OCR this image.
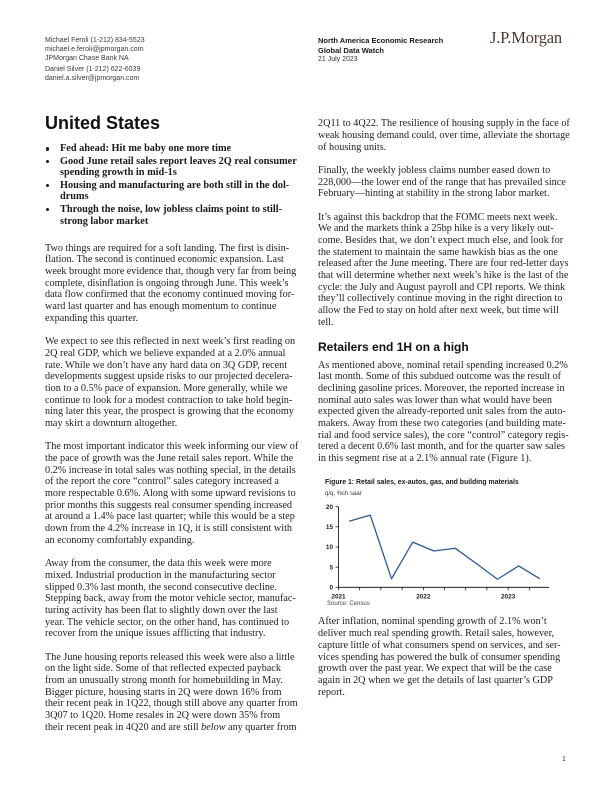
Michael Feroli (1-212) 834-5523
michael.e.feroli@jpmorgan.com
JPMorgan Chase Bank NA
Daniel Silver (1-212) 622-6039
daniel.a.silver@jpmorgan.com
North America Economic Research
Global Data Watch
21 July 2023
J.P.Morgan
United States
Fed ahead: Hit me baby one more time
Good June retail sales report leaves 2Q real consumer
spending growth in mid-1s
Housing and manufacturing are both still in the dol-
drums
Through the noise, low jobless claims point to still-
strong labor market

Two things are required for a soft landing. The first is disin-
flation. The second is continued economic expansion. Last
week brought more evidence that, though very far from being
complete, disinflation is ongoing through June. This week’s
data flow confirmed that the economy continued moving for-
ward last quarter and has enough momentum to continue
expanding this quarter.

We expect to see this reflected in next week’s first reading on
2Q real GDP, which we believe expanded at a 2.0% annual
rate. While we don’t have any hard data on 3Q GDP, recent
developments suggest upside risks to our projected decelera-
tion to a 0.5% pace of expansion. More generally, while we
continue to look for a modest contraction to take hold begin-
ning later this year, the prospect is growing that the economy
may skirt a downturn altogether.

The most important indicator this week informing our view of
the pace of growth was the June retail sales report. While the
0.2% increase in total sales was nothing special, in the details
of the report the core “control” sales category increased a
more respectable 0.6%. Along with some upward revisions to
prior months this suggests real consumer spending increased
at around a 1.4% pace last quarter; while this would be a step
down from the 4.2% increase in 1Q, it is still consistent with
an economy comfortably expanding.

Away from the consumer, the data this week were more
mixed. Industrial production in the manufacturing sector
slipped 0.3% last month, the second consecutive decline.
Stepping back, away from the motor vehicle sector, manufac-
turing activity has been flat to slightly down over the last
year. The vehicle sector, on the other hand, has continued to
recover from the unique issues afflicting that industry.

The June housing reports released this week were also a little
on the light side. Some of that reflected expected payback
from an unusually strong month for homebuilding in May.
Bigger picture, housing starts in 2Q were down 16% from
their recent peak in 1Q22, though still above any quarter from
3Q07 to 1Q20. Home resales in 2Q were down 35% from
their recent peak in 4Q20 and are still below any quarter from

2Q11 to 4Q22. The resilience of housing supply in the face of
weak housing demand could, over time, alleviate the shortage
of housing units.

Finally, the weekly jobless claims number eased down to
228,000—the lower end of the range that has prevailed since
February—hinting at stability in the strong labor market.

It’s against this backdrop that the FOMC meets next week.
We and the markets think a 25bp hike is a very likely out-
come. Besides that, we don’t expect much else, and look for
the statement to maintain the same hawkish bias as the one
released after the June meeting. There are four red-letter days
that will determine whether next week’s hike is the last of the
cycle: the July and August payroll and CPI reports. We think
they’ll collectively continue moving in the right direction to
allow the Fed to stay on hold after next week, but time will
tell.

Retailers end 1H on a high

As mentioned above, nominal retail spending increased 0.2%
last month. Some of this subdued outcome was the result of
declining gasoline prices. Moreover, the reported increase in
nominal auto sales was lower than what would have been
expected given the already-reported unit sales from the auto-
makers. Away from these two categories (and building mate-
rial and food service sales), the core “control” category regis-
tered a decent 0.6% last month, and for the quarter saw sales
in this segment rise at a 2.1% annual rate (Figure 1).

Figure 1: Retail sales, ex-autos, gas, and building materials
q/q, %ch saar
0
5
10
15
20
2021	2022	2023
Source: Census

After inflation, nominal spending growth of 2.1% won’t
deliver much real spending growth. Retail sales, however,
capture little of what consumers spend on services, and ser-
vices spending has powered the bulk of consumer spending
growth over the past year. We expect that will be the case
again in 2Q when we get the details of last quarter’s GDP
report.

1
